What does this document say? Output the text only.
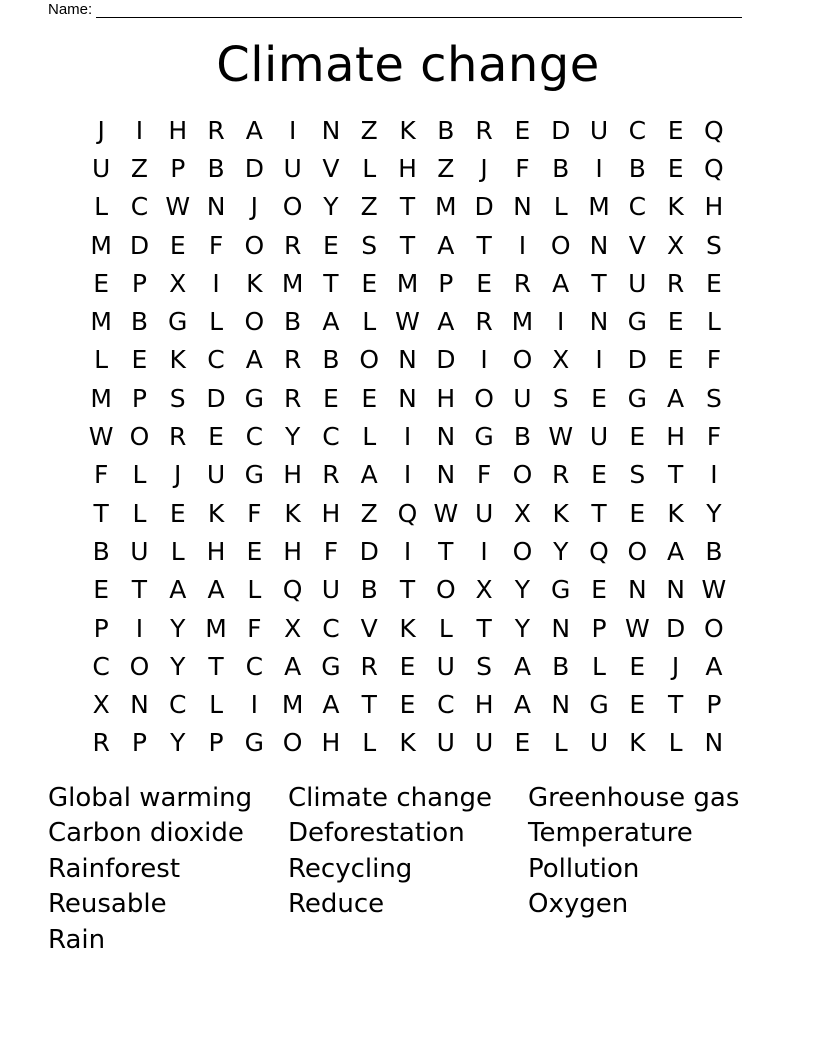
Name:
Climate change
J	I	H R A	I	N Z K B R E D U C E Q
U Z P B D U V L H Z	J	F B	I	B E Q
L C W N	J O Y Z T M D N L M C K H
M D E F O R E S T A T	I O N V X S
E P X	I	K M T E M P E R A T U R E
M B G L O B A L W A R M I	N G E L
L E K C A R B O N D I O X	I D E F
M P S D G R E E N H O U S E G A S
W O R E C Y C L	I	N G B W U E H F
F L	J	U G H R A	I	N F O R E S T	I
T L E K F K H Z Q W U X K T E K Y
B U L H E H F D I	T	I O Y Q O A B
E T A A L Q U B T O X Y G E N N W
P	I	Y M F X C V K L T Y N P W D O
C O Y T C A G R E U S A B L E	J	A
X N C L	I M A T E C H A N G E T P
R P Y P G O H L K U U E L U K L N
Global warming	Climate change	Greenhouse gas
Carbon dioxide	Deforestation	Temperature
Rainforest	Recycling	Pollution
Reusable	Reduce	Oxygen
Rain
